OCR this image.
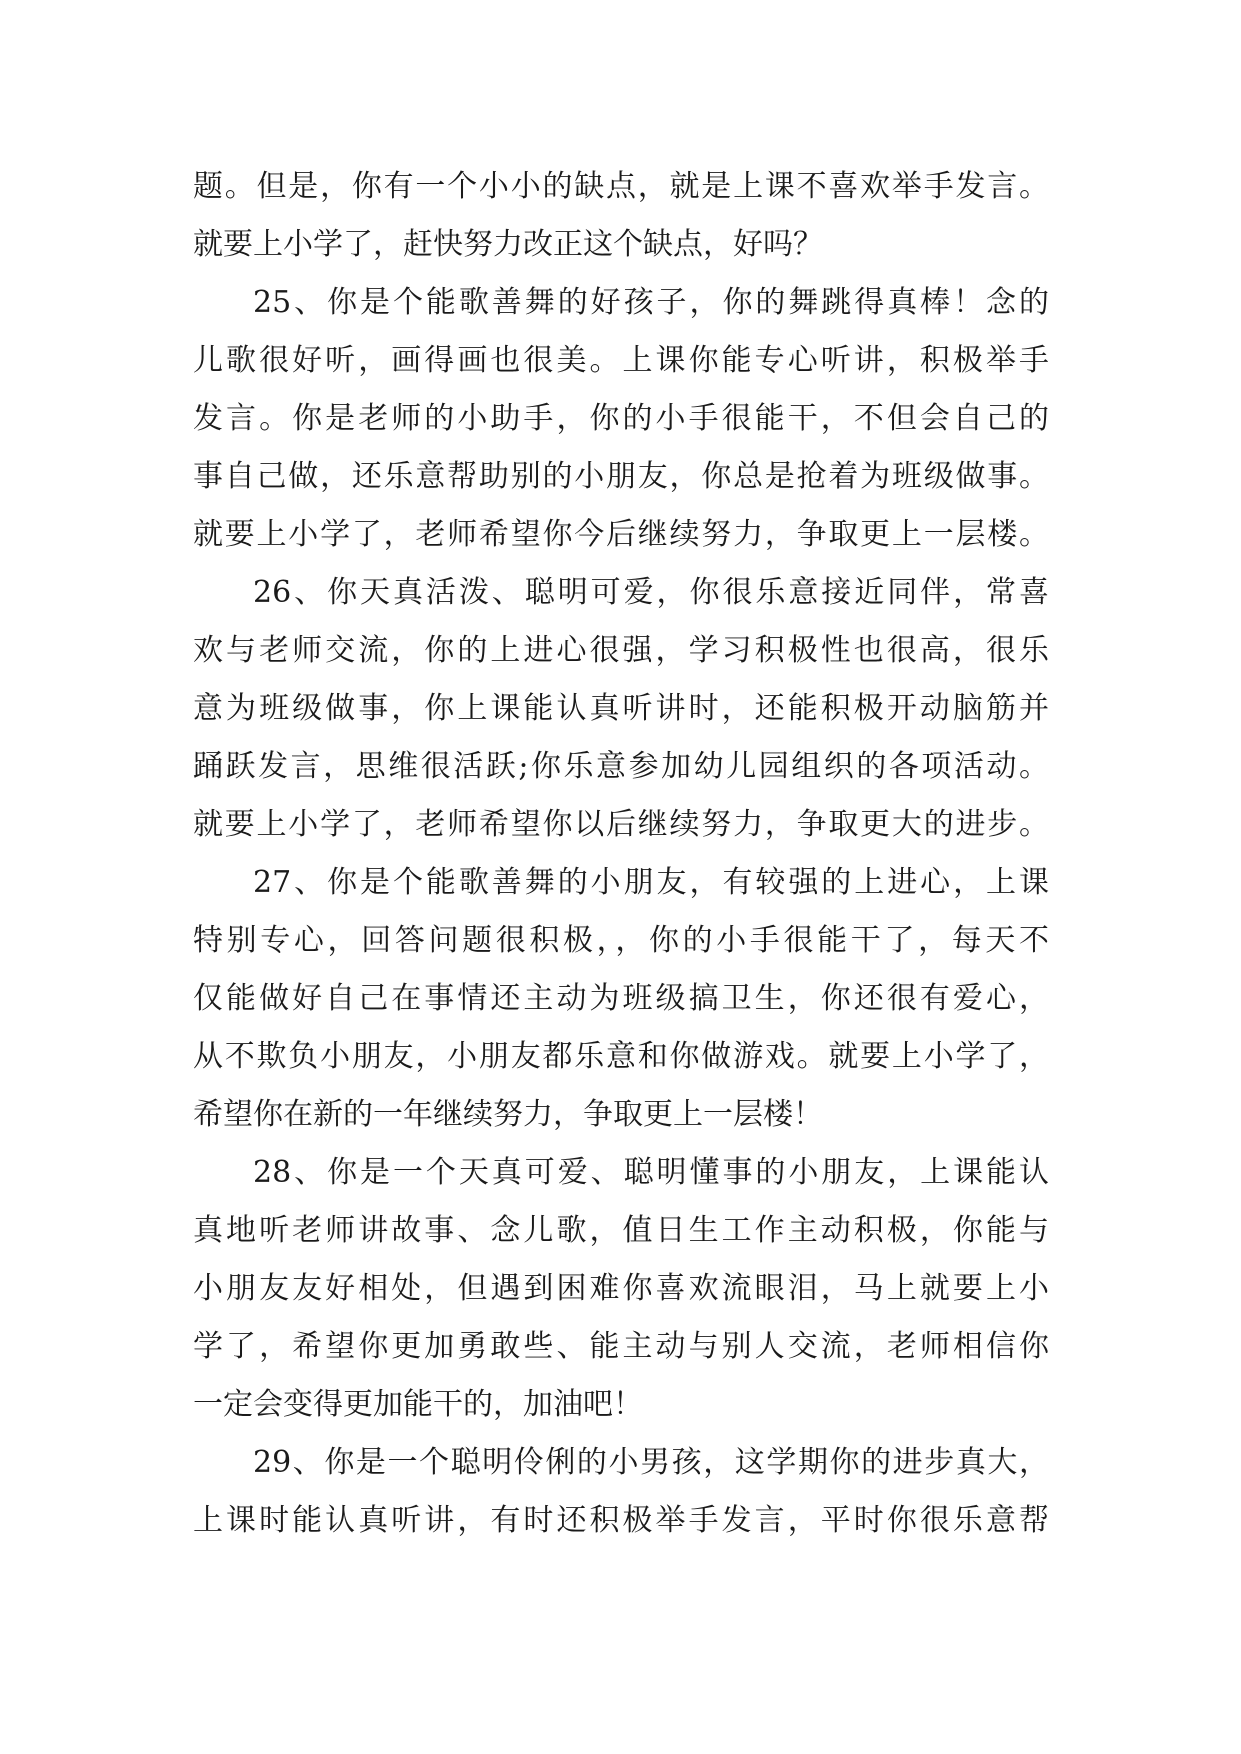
题。但是，你有一个小小的缺点，就是上课不喜欢举手发言。
就要上小学了，赶快努力改正这个缺点，好吗？
25、你是个能歌善舞的好孩子，你的舞跳得真棒！念的
儿歌很好听，画得画也很美。上课你能专心听讲，积极举手
发言。你是老师的小助手，你的小手很能干，不但会自己的
事自己做，还乐意帮助别的小朋友，你总是抢着为班级做事。
就要上小学了，老师希望你今后继续努力，争取更上一层楼。
26、你天真活泼、聪明可爱，你很乐意接近同伴，常喜
欢与老师交流，你的上进心很强，学习积极性也很高，很乐
意为班级做事，你上课能认真听讲时，还能积极开动脑筋并
踊跃发言，思维很活跃;你乐意参加幼儿园组织的各项活动。
就要上小学了，老师希望你以后继续努力，争取更大的进步。
27、你是个能歌善舞的小朋友，有较强的上进心，上课
特别专心，回答问题很积极，，你的小手很能干了，每天不
仅能做好自己在事情还主动为班级搞卫生，你还很有爱心，
从不欺负小朋友，小朋友都乐意和你做游戏。就要上小学了，
希望你在新的一年继续努力，争取更上一层楼！
28、你是一个天真可爱、聪明懂事的小朋友，上课能认
真地听老师讲故事、念儿歌，值日生工作主动积极，你能与
小朋友友好相处，但遇到困难你喜欢流眼泪，马上就要上小
学了，希望你更加勇敢些、能主动与别人交流，老师相信你
一定会变得更加能干的，加油吧！
29、你是一个聪明伶俐的小男孩，这学期你的进步真大，
上课时能认真听讲，有时还积极举手发言，平时你很乐意帮
